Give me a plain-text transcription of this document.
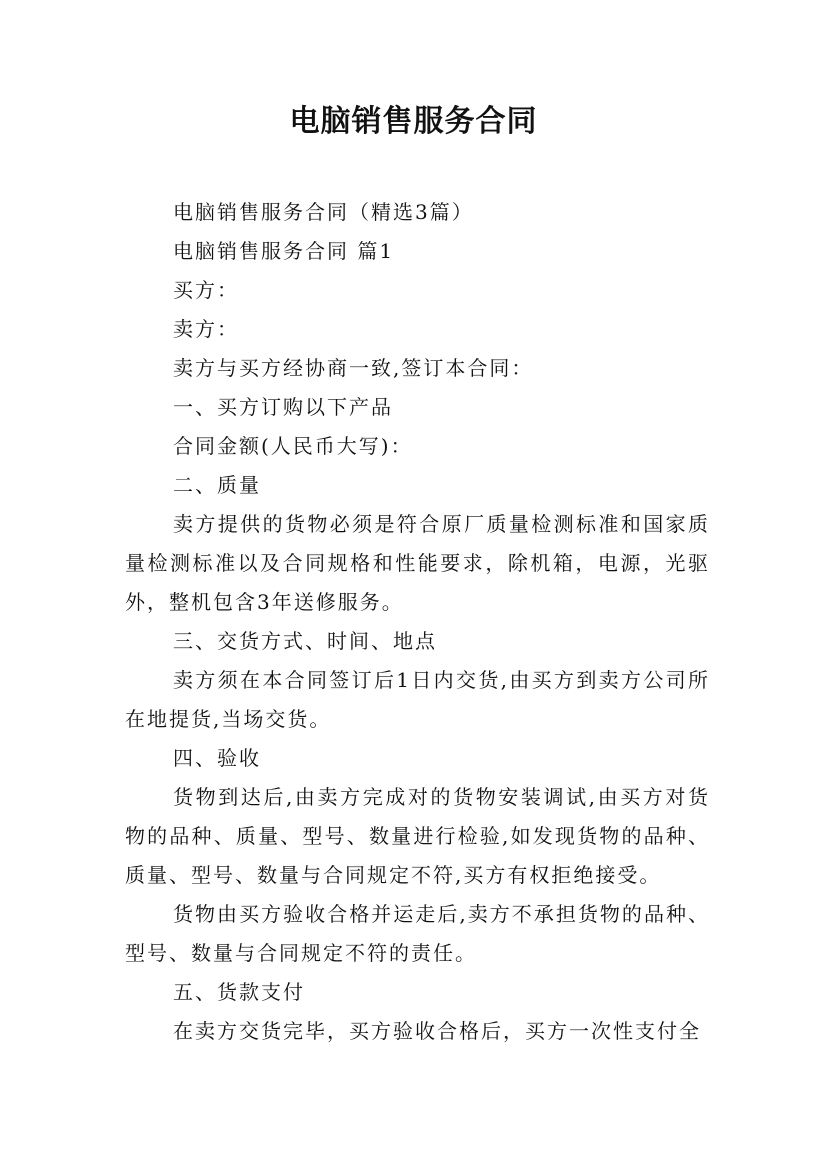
电脑销售服务合同

电脑销售服务合同（精选3篇）

电脑销售服务合同 篇1

买方：

卖方：

卖方与买方经协商一致,签订本合同：

一、买方订购以下产品

合同金额(人民币大写)：

二、质量

卖方提供的货物必须是符合原厂质量检测标准和国家质量检测标准以及合同规格和性能要求，除机箱，电源，光驱外，整机包含3年送修服务。

三、交货方式、时间、地点

卖方须在本合同签订后1日内交货,由买方到卖方公司所在地提货,当场交货。

四、验收

货物到达后,由卖方完成对的货物安装调试,由买方对货物的品种、质量、型号、数量进行检验,如发现货物的品种、质量、型号、数量与合同规定不符,买方有权拒绝接受。

货物由买方验收合格并运走后,卖方不承担货物的品种、型号、数量与合同规定不符的责任。

五、货款支付

在卖方交货完毕，买方验收合格后，买方一次性支付全
